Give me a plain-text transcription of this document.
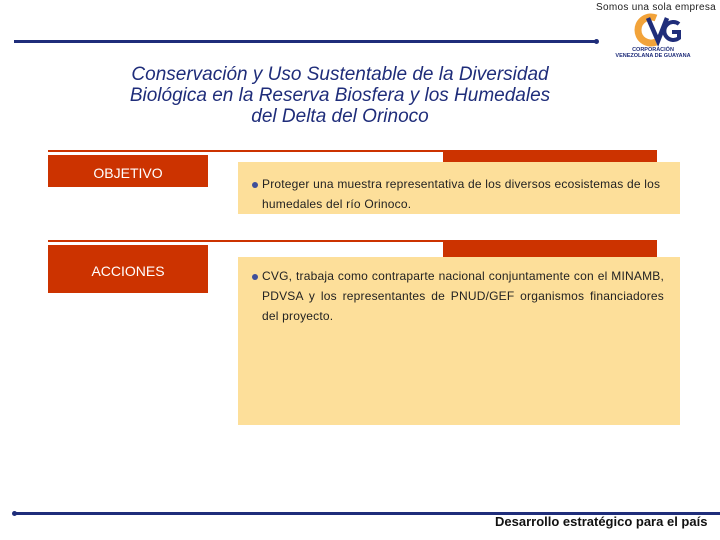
Somos una sola empresa
CORPORACIÓN
VENEZOLANA DE GUAYANA
Conservación y Uso Sustentable de la Diversidad
Biológica en la Reserva Biosfera y los Humedales
del Delta del Orinoco
OBJETIVO
Proteger una muestra representativa de los diversos ecosistemas de los humedales del río Orinoco.
ACCIONES	CVG, trabaja como contraparte nacional conjuntamente con el MINAMB, PDVSA y los representantes de PNUD/GEF organismos financiadores del proyecto.
Desarrollo estratégico para el país
